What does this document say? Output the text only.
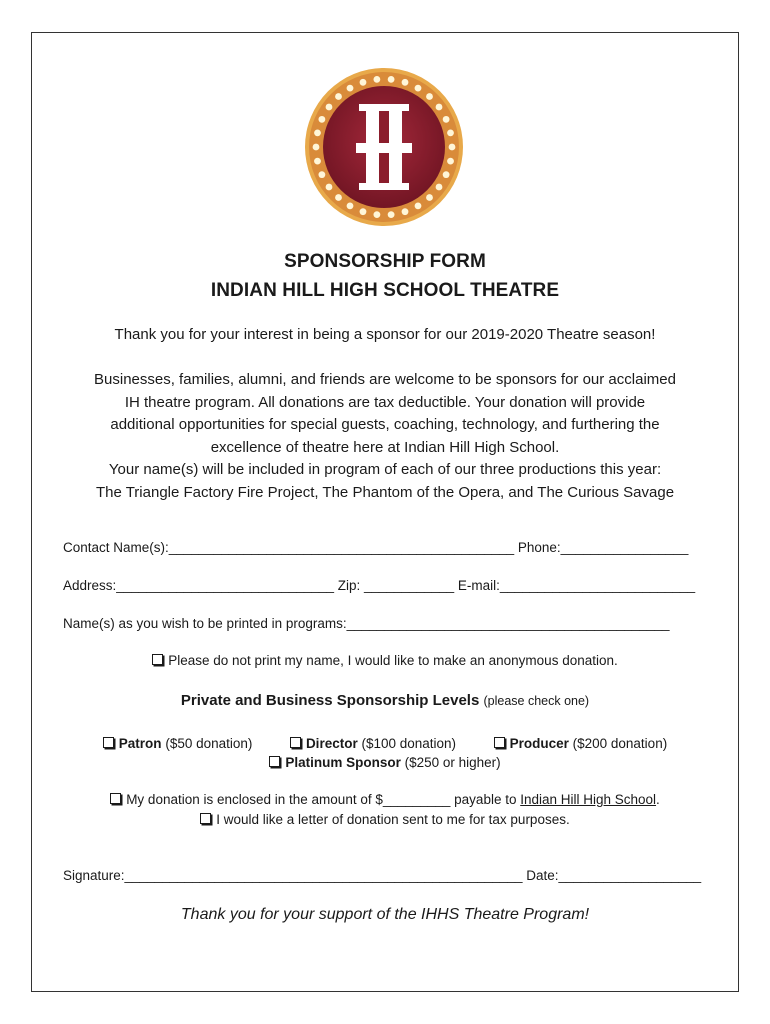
SPONSORSHIP FORM
INDIAN HILL HIGH SCHOOL THEATRE
Thank you for your interest in being a sponsor for our 2019-2020 Theatre season!
Businesses, families, alumni, and friends are welcome to be sponsors for our acclaimed
IH theatre program. All donations are tax deductible. Your donation will provide
additional opportunities for special guests, coaching, technology, and furthering the
excellence of theatre here at Indian Hill High School.
Your name(s) will be included in program of each of our three productions this year:
The Triangle Factory Fire Project, The Phantom of the Opera, and The Curious Savage
Contact Name(s):______________________________________________ Phone:_________________
Address:_____________________________ Zip: ____________ E-mail:__________________________
Name(s) as you wish to be printed in programs:___________________________________________
Please do not print my name, I would like to make an anonymous donation.
Private and Business Sponsorship Levels (please check one)
Patron ($50 donation)	Director ($100 donation)	Producer ($200 donation)
Platinum Sponsor ($250 or higher)
My donation is enclosed in the amount of $_________ payable to Indian Hill High School.
I would like a letter of donation sent to me for tax purposes.
Signature:_____________________________________________________ Date:___________________
Thank you for your support of the IHHS Theatre Program!
